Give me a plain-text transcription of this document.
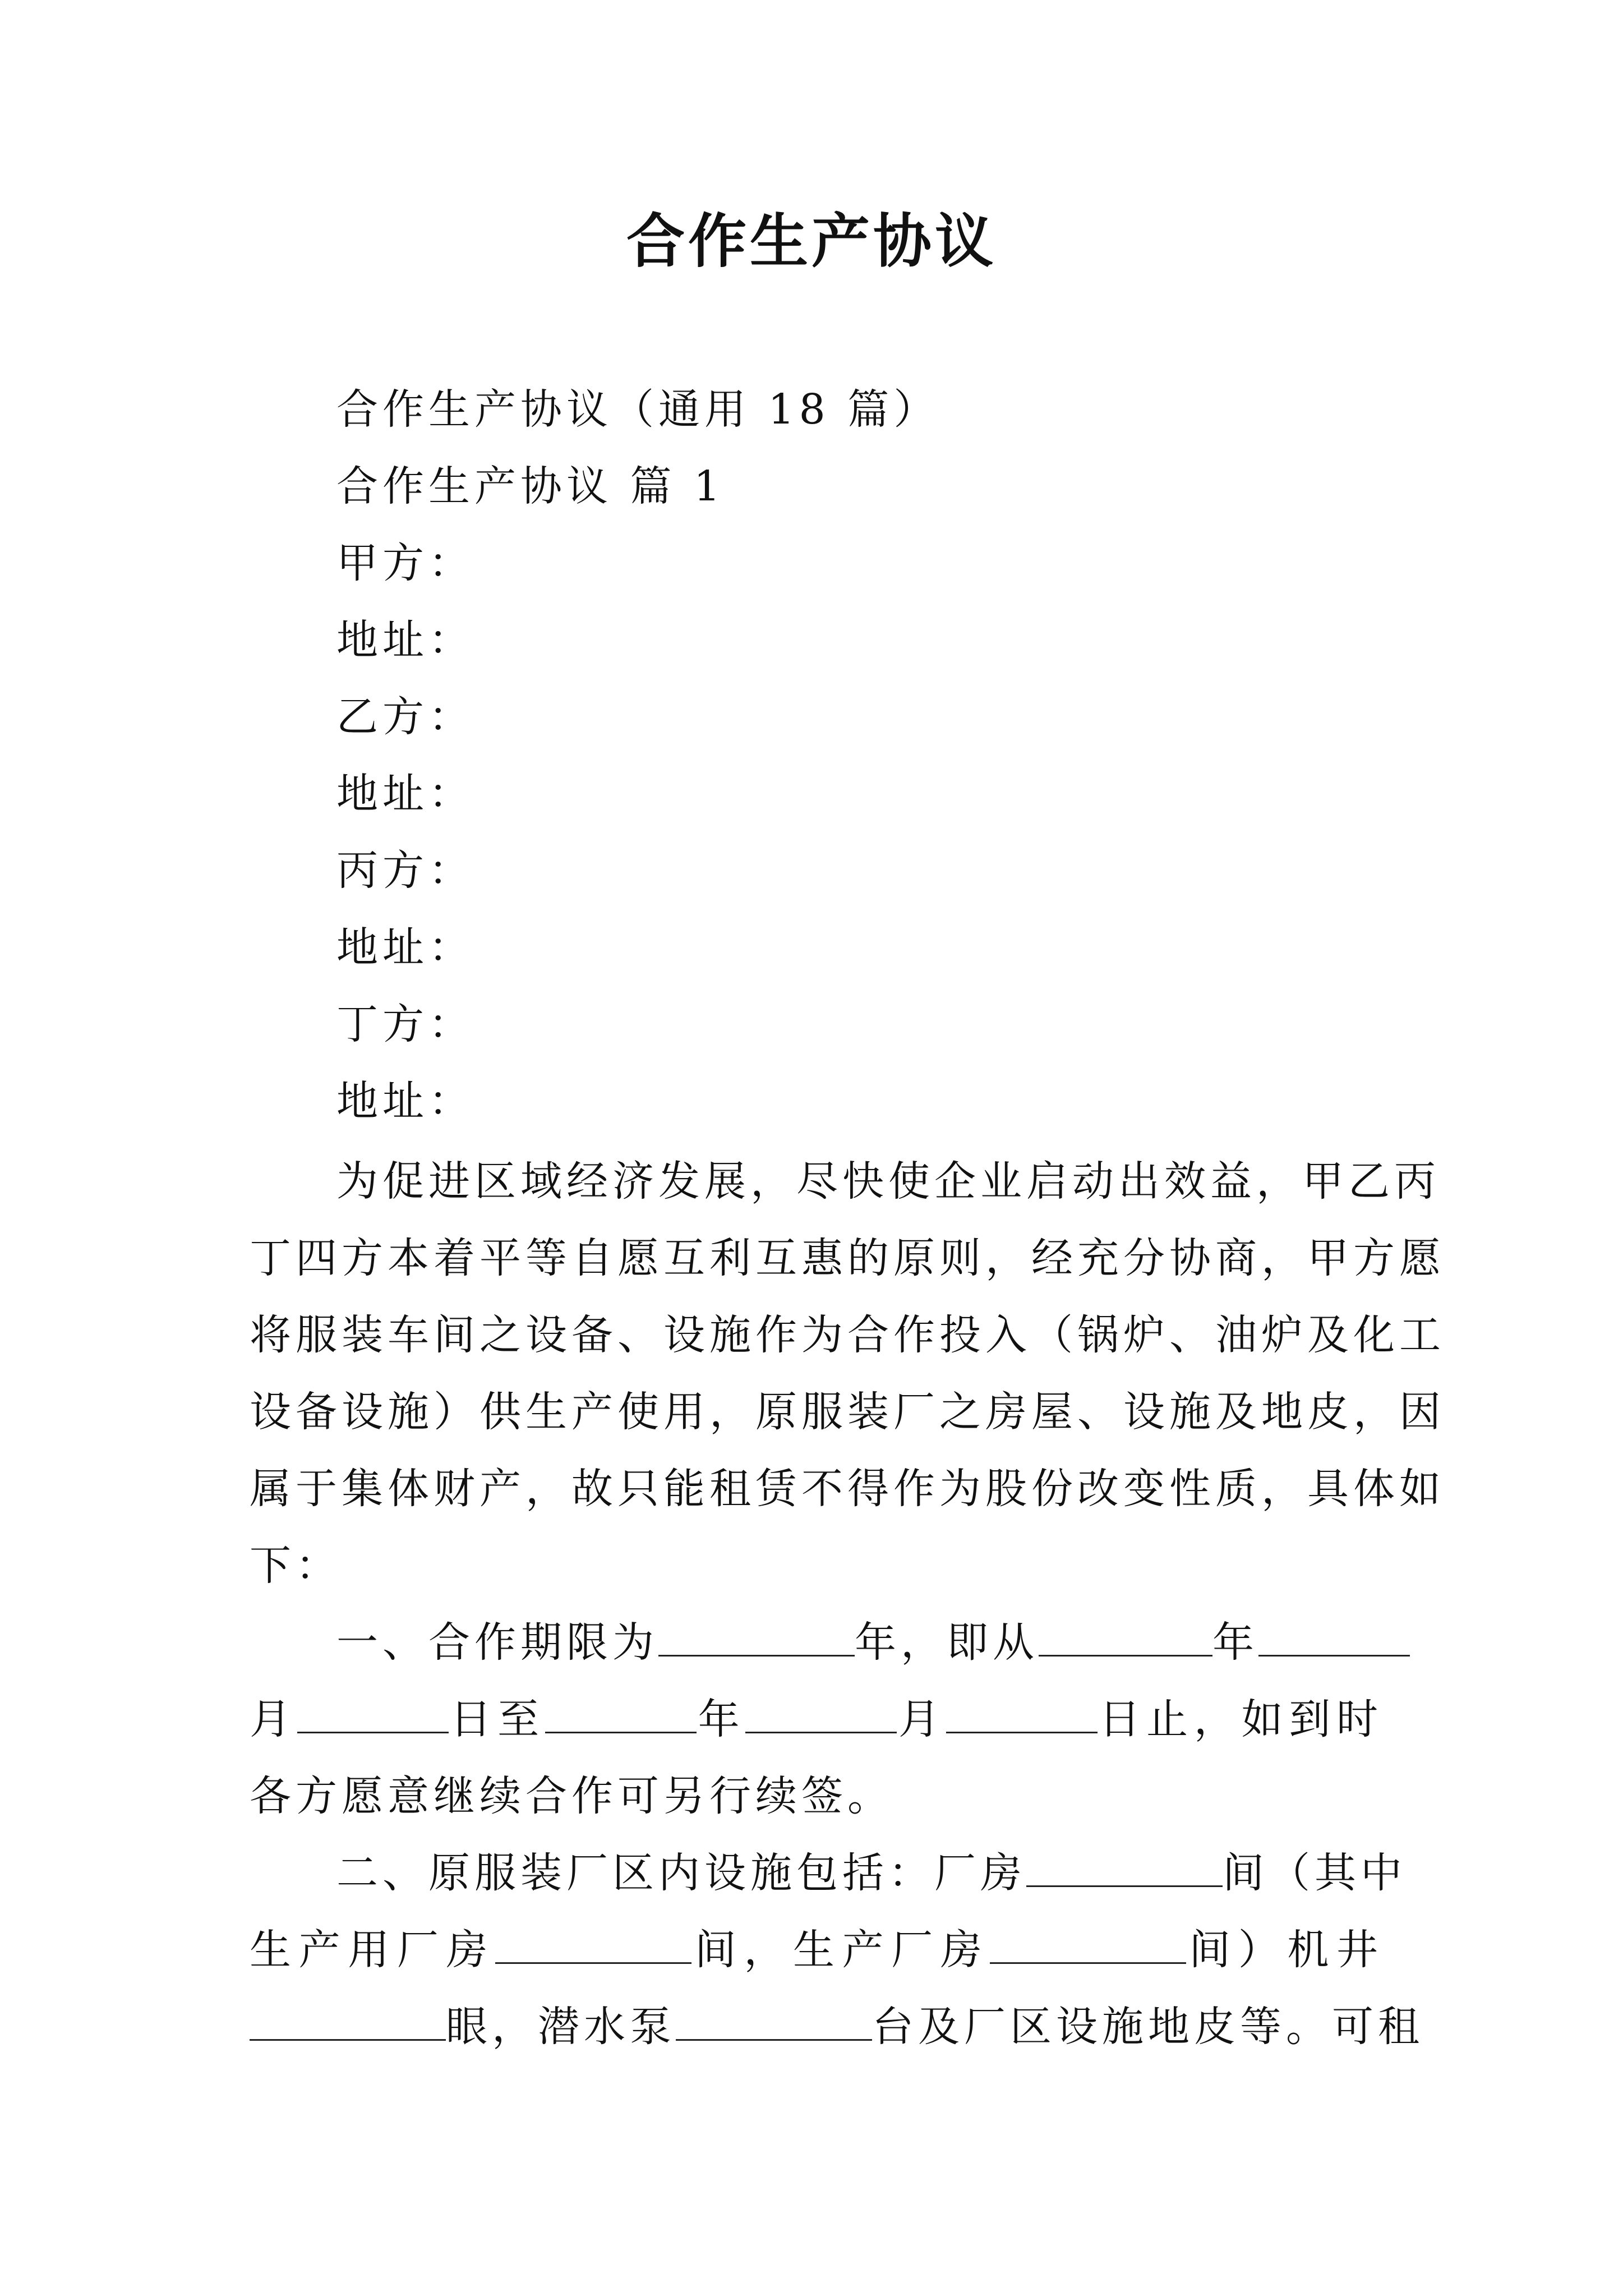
合作生产协议
合作生产协议（通用 18 篇）
合作生产协议 篇 1
甲方：
地址：
乙方：
地址：
丙方：
地址：
丁方：
地址：
为促进区域经济发展，尽快使企业启动出效益，甲乙丙
丁四方本着平等自愿互利互惠的原则，经充分协商，甲方愿
将服装车间之设备、设施作为合作投入（锅炉、油炉及化工
设备设施）供生产使用，原服装厂之房屋、设施及地皮，因
属于集体财产，故只能租赁不得作为股份改变性质，具体如
下：
一、合作期限为	年，即从	年
月	日至	年	月	日止，如到时
各方愿意继续合作可另行续签。
二、原服装厂区内设施包括：厂房	间（其中
生产用厂房	间，生产厂房	间）机井
眼，潜水泵	台及厂区设施地皮等。可租
